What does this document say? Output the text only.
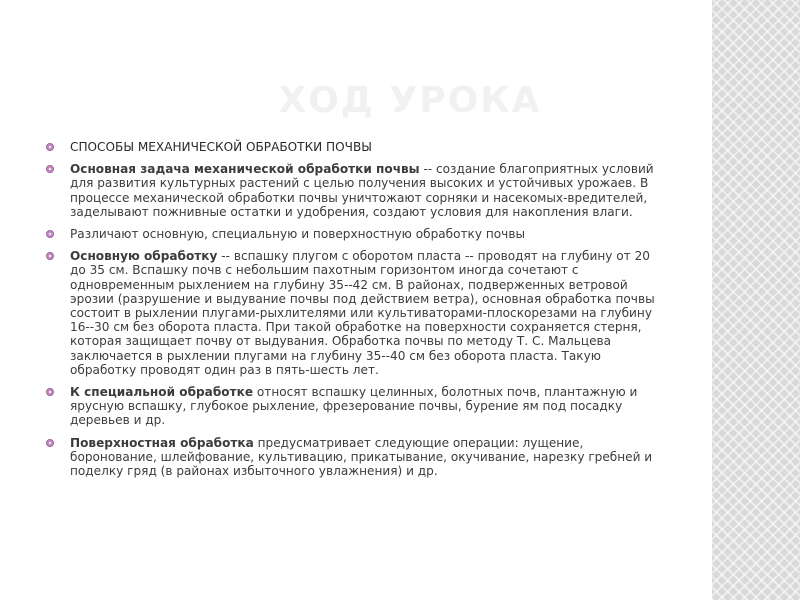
ХОД УРОКА
СПОСОБЫ МЕХАНИЧЕСКОЙ ОБРАБОТКИ ПОЧВЫ
Основная задача механической обработки почвы -- создание благоприятных условий для развития культурных растений с целью получения высоких и устойчивых урожаев. В процессе механической обработки почвы уничтожают сорняки и насекомых-вредителей, заделывают пожнивные остатки и удобрения, создают условия для накопления влаги.
Различают основную, специальную и поверхностную обработку почвы
Основную обработку -- вспашку плугом с оборотом пласта -- проводят на глубину от 20 до 35 см. Вспашку почв с небольшим пахотным горизонтом иногда сочетают с одновременным рыхлением на глубину 35--42 см. В районах, подверженных ветровой эрозии (разрушение и выдувание почвы под действием ветра), основная обработка почвы состоит в рыхлении плугами-рыхлителями или культиваторами-плоскорезами на глубину 16--30 см без оборота пласта. При такой обработке на поверхности сохраняется стерня, которая защищает почву от выдувания. Обработка почвы по методу Т. С. Мальцева заключается в рыхлении плугами на глубину 35--40 см без оборота пласта. Такую обработку проводят один раз в пять-шесть лет.
К специальной обработке относят вспашку целинных, болотных почв, плантажную и ярусную вспашку, глубокое рыхление, фрезерование почвы, бурение ям под посадку деревьев и др.
Поверхностная обработка предусматривает следующие операции: лущение, боронование, шлейфование, культивацию, прикатывание, окучивание, нарезку гребней и поделку гряд (в районах избыточного увлажнения) и др.
